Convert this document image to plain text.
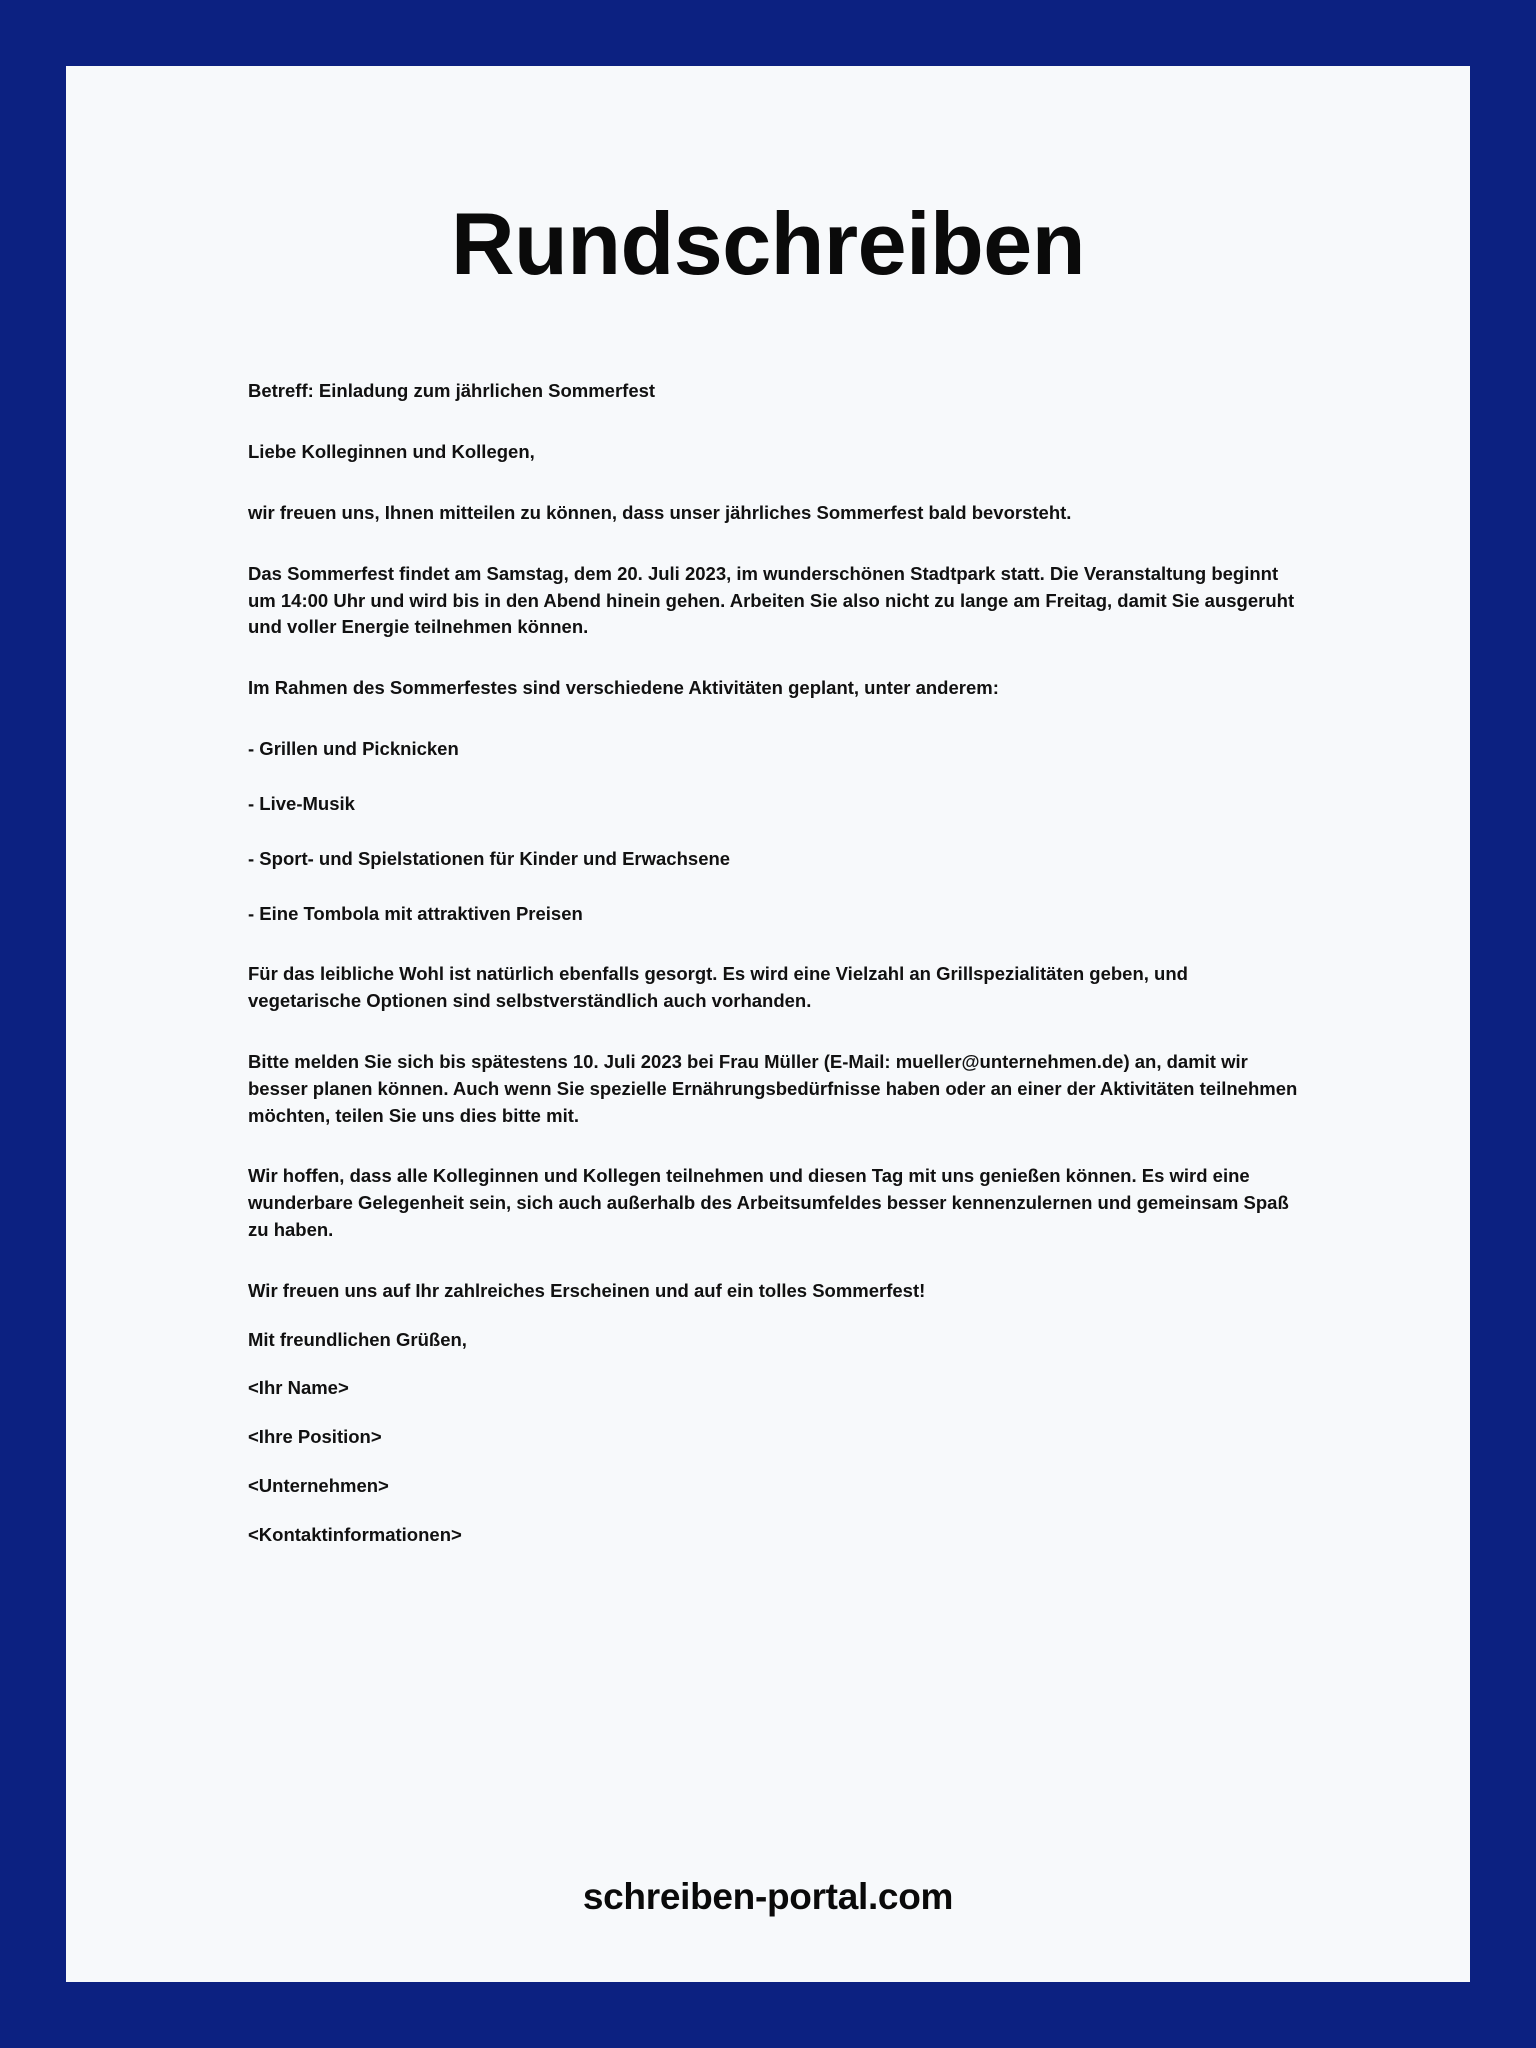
Rundschreiben

Betreff: Einladung zum jährlichen Sommerfest

Liebe Kolleginnen und Kollegen,

wir freuen uns, Ihnen mitteilen zu können, dass unser jährliches Sommerfest bald bevorsteht.

Das Sommerfest findet am Samstag, dem 20. Juli 2023, im wunderschönen Stadtpark statt. Die Veranstaltung beginnt um 14:00 Uhr und wird bis in den Abend hinein gehen. Arbeiten Sie also nicht zu lange am Freitag, damit Sie ausgeruht und voller Energie teilnehmen können.

Im Rahmen des Sommerfestes sind verschiedene Aktivitäten geplant, unter anderem:

- Grillen und Picknicken

- Live-Musik

- Sport- und Spielstationen für Kinder und Erwachsene

- Eine Tombola mit attraktiven Preisen

Für das leibliche Wohl ist natürlich ebenfalls gesorgt. Es wird eine Vielzahl an Grillspezialitäten geben, und vegetarische Optionen sind selbstverständlich auch vorhanden.

Bitte melden Sie sich bis spätestens 10. Juli 2023 bei Frau Müller (E-Mail: mueller@unternehmen.de) an, damit wir besser planen können. Auch wenn Sie spezielle Ernährungsbedürfnisse haben oder an einer der Aktivitäten teilnehmen möchten, teilen Sie uns dies bitte mit.

Wir hoffen, dass alle Kolleginnen und Kollegen teilnehmen und diesen Tag mit uns genießen können. Es wird eine wunderbare Gelegenheit sein, sich auch außerhalb des Arbeitsumfeldes besser kennenzulernen und gemeinsam Spaß zu haben.

Wir freuen uns auf Ihr zahlreiches Erscheinen und auf ein tolles Sommerfest!

Mit freundlichen Grüßen,

<Ihr Name>

<Ihre Position>

<Unternehmen>

<Kontaktinformationen>

schreiben-portal.com
